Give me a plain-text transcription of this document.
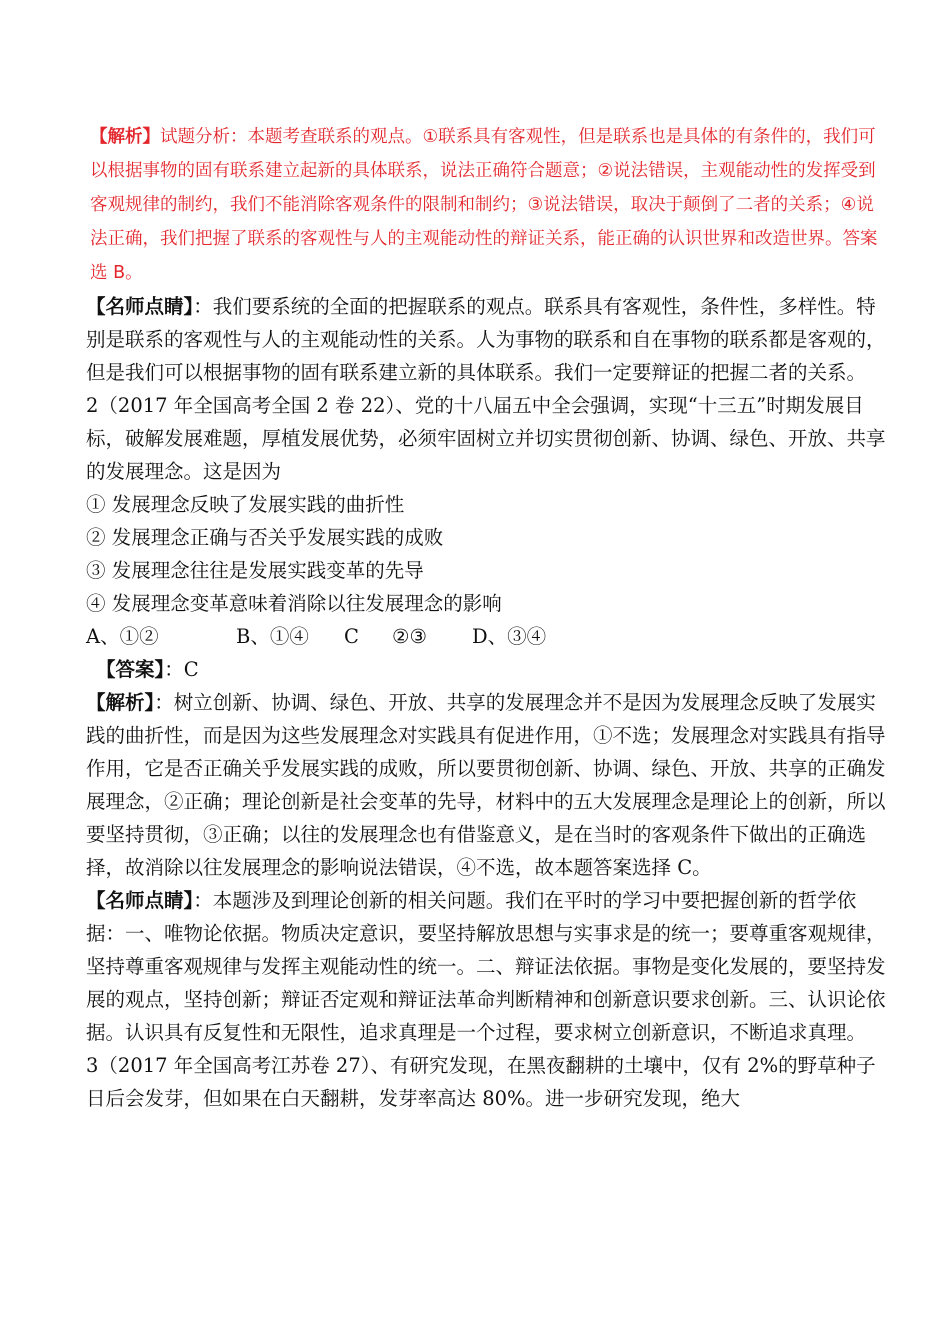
【解析】试题分析：本题考查联系的观点。①联系具有客观性，但是联系也是具体的有条件的，我们可以根据事物的固有联系建立起新的具体联系，说法正确符合题意；②说法错误，主观能动性的发挥受到客观规律的制约，我们不能消除客观条件的限制和制约；③说法错误，取决于颠倒了二者的关系；④说法正确，我们把握了联系的客观性与人的主观能动性的辩证关系，能正确的认识世界和改造世界。答案选 B。

【名师点睛】：我们要系统的全面的把握联系的观点。联系具有客观性，条件性，多样性。特别是联系的客观性与人的主观能动性的关系。人为事物的联系和自在事物的联系都是客观的，但是我们可以根据事物的固有联系建立新的具体联系。我们一定要辩证的把握二者的关系。

2（2017 年全国高考全国 2 卷 22）、党的十八届五中全会强调，实现“十三五”时期发展目标，破解发展难题，厚植发展优势，必须牢固树立并切实贯彻创新、协调、绿色、开放、共享的发展理念。这是因为

① 发展理念反映了发展实践的曲折性

② 发展理念正确与否关乎发展实践的成败

③ 发展理念往往是发展实践变革的先导

④ 发展理念变革意味着消除以往发展理念的影响

A、①②	B、①④ C ②③ D、③④

【答案】：C

【解析】：树立创新、协调、绿色、开放、共享的发展理念并不是因为发展理念反映了发展实践的曲折性，而是因为这些发展理念对实践具有促进作用，①不选；发展理念对实践具有指导作用，它是否正确关乎发展实践的成败，所以要贯彻创新、协调、绿色、开放、共享的正确发展理念，②正确；理论创新是社会变革的先导，材料中的五大发展理念是理论上的创新，所以要坚持贯彻，③正确；以往的发展理念也有借鉴意义，是在当时的客观条件下做出的正确选择，故消除以往发展理念的影响说法错误，④不选，故本题答案选择 C。

【名师点睛】：本题涉及到理论创新的相关问题。我们在平时的学习中要把握创新的哲学依据：一、唯物论依据。物质决定意识，要坚持解放思想与实事求是的统一；要尊重客观规律，坚持尊重客观规律与发挥主观能动性的统一。二、辩证法依据。事物是变化发展的，要坚持发展的观点，坚持创新；辩证否定观和辩证法革命判断精神和创新意识要求创新。三、认识论依据。认识具有反复性和无限性，追求真理是一个过程，要求树立创新意识，不断追求真理。

3（2017 年全国高考江苏卷 27）、有研究发现，在黑夜翻耕的土壤中，仅有 2%的野草种子日后会发芽，但如果在白天翻耕，发芽率高达 80%。进一步研究发现，绝大
